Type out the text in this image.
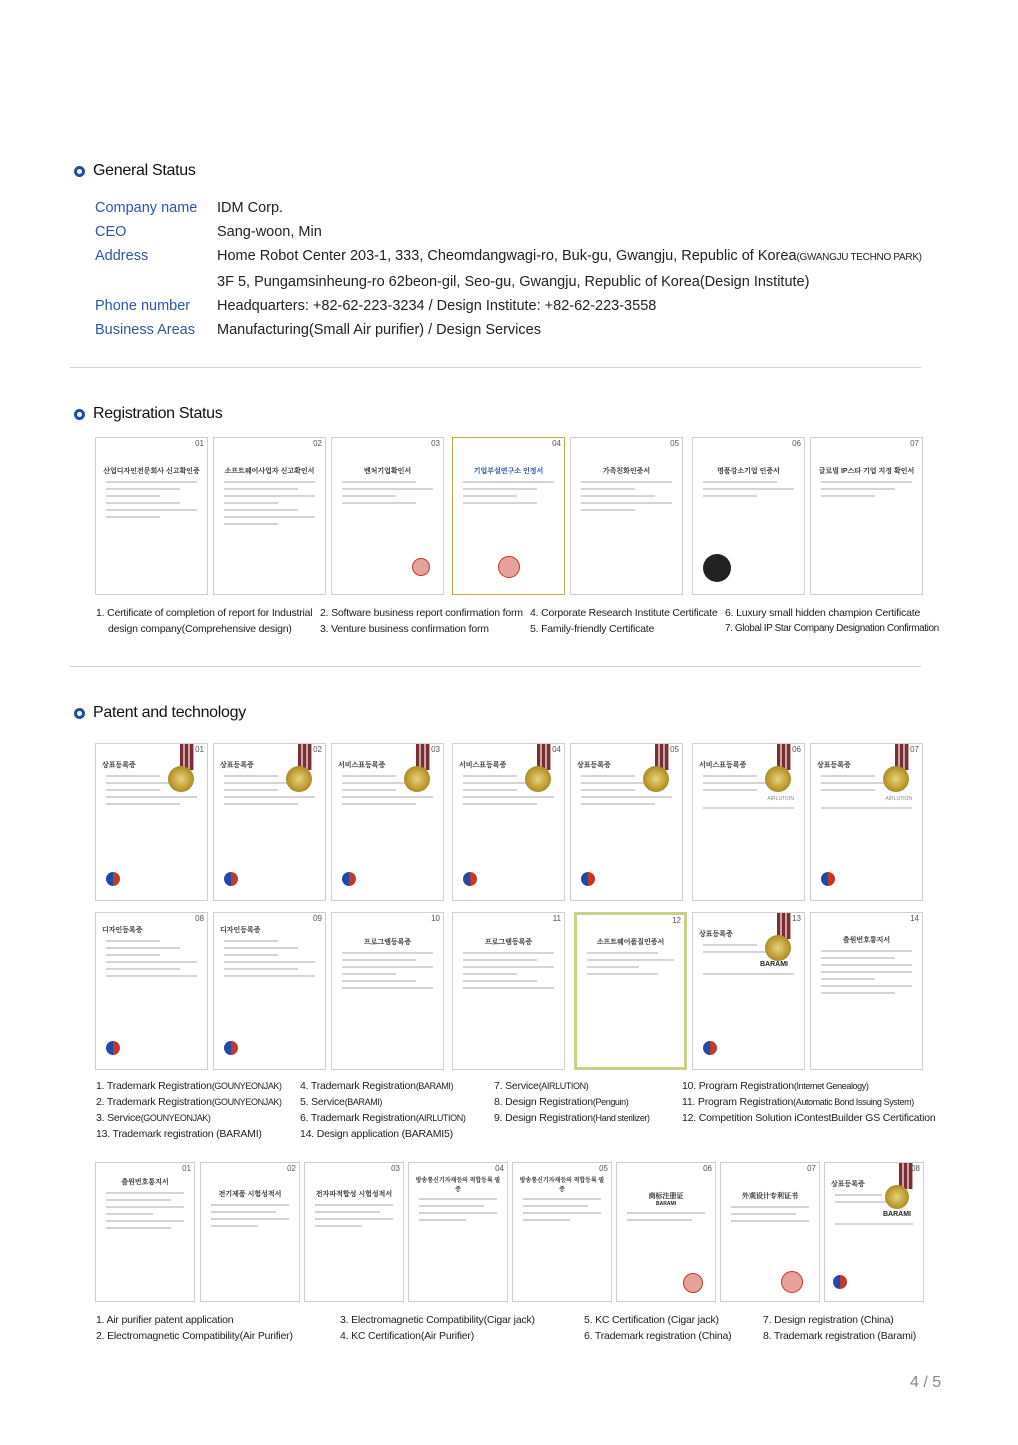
General Status
Company name	IDM Corp.
CEO	Sang-woon, Min
Address	Home Robot Center 203-1, 333, Cheomdangwagi-ro, Buk-gu, Gwangju, Republic of Korea(GWANGJU TECHNO PARK)
3F 5, Pungamsinheung-ro 62beon-gil, Seo-gu, Gwangju, Republic of Korea(Design Institute)
Phone number	Headquarters: +82-62-223-3234 / Design Institute: +82-62-223-3558
Business Areas	Manufacturing(Small Air purifier) / Design Services
Registration Status
01
산업디자인전문회사 신고확인증
02
소프트웨어사업자 신고확인서
03
벤처기업확인서
04
기업부설연구소 인정서
05
가족친화인증서
06
명품강소기업 인증서
07
글로벌 IP스타 기업 지정 확인서
1. Certificate of completion of report for Industrial
design company(Comprehensive design)
2. Software business report confirmation form
3. Venture business confirmation form
4. Corporate Research Institute Certificate
5. Family-friendly Certificate
6. Luxury small hidden champion Certificate
7. Global IP Star Company Designation Confirmation
Patent and technology
01
상표등록증
02
상표등록증
03
서비스표등록증
04
서비스표등록증
05
상표등록증
06
서비스표등록증
AIRLUTION
07
상표등록증
AIRLUTION
08
디자인등록증
09
디자인등록증
10
프로그램등록증
11
프로그램등록증
12
소프트웨어품질인증서
13
상표등록증
BARAMI
14
출원번호통지서
1. Trademark Registration(GOUNYEONJAK)
2. Trademark Registration(GOUNYEONJAK)
3. Service(GOUNYEONJAK)
13. Trademark registration (BARAMI)
4. Trademark Registration(BARAMI)
5. Service(BARAMI)
6. Trademark Registration(AIRLUTION)
14. Design application (BARAMI5)
7. Service(AIRLUTION)
8. Design Registration(Penguin)
9. Design Registration(Hand sterilizer)
10. Program Registration(Internet Genealogy)
11. Program Registration(Automatic Bond Issuing System)
12. Competition Solution iContestBuilder GS Certification
01
출원번호통지서
02
전기제품 시험성적서
03
전자파적합성 시험성적서
04
방송통신기자재등의 적합등록 필증
05
방송통신기자재등의 적합등록 필증
06
商标注册证
BARAMI
07
外观设计专利证书
08
상표등록증
BARAMI
1. Air purifier patent application
2. Electromagnetic Compatibility(Air Purifier)
3. Electromagnetic Compatibility(Cigar jack)
4. KC Certification(Air Purifier)
5. KC Certification (Cigar jack)
6. Trademark registration (China)
7. Design registration (China)
8. Trademark registration (Barami)
4 / 5
